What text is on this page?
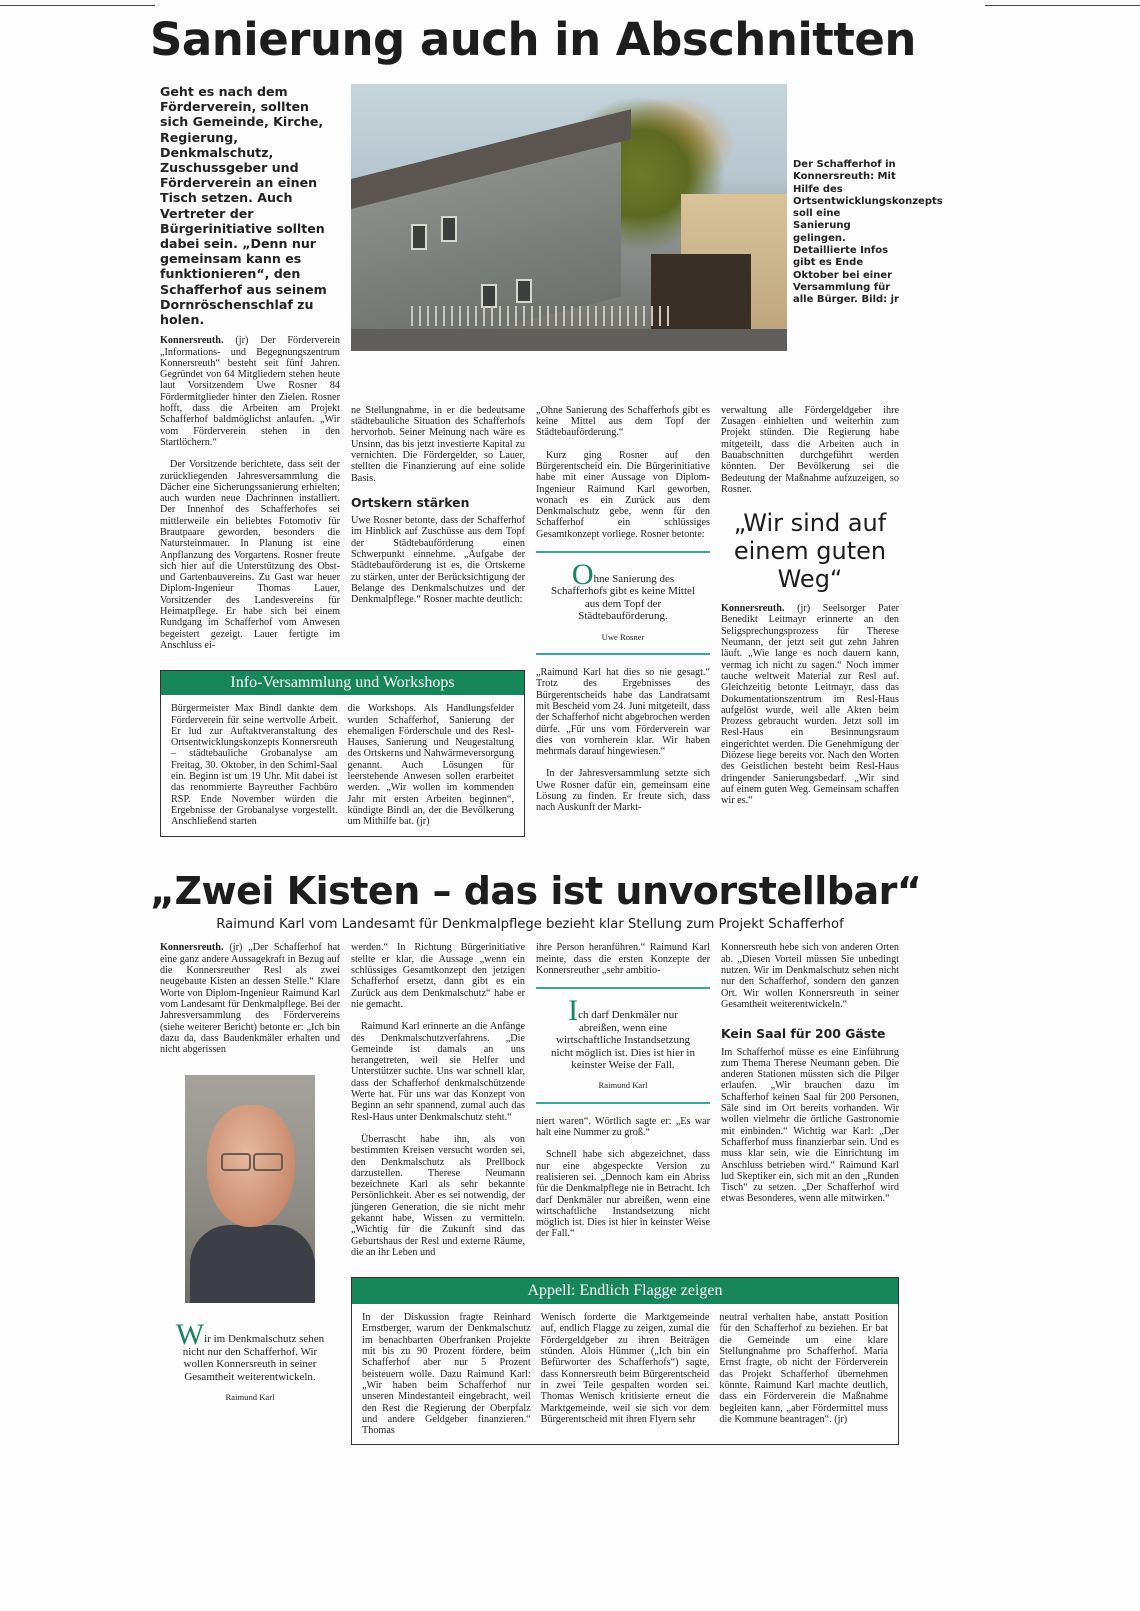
Sanierung auch in Abschnitten
Geht es nach dem Förderverein, sollten sich Gemeinde, Kirche, Regierung, Denkmalschutz, Zuschussgeber und Förderverein an einen Tisch setzen. Auch Vertreter der Bürgerinitiative sollten dabei sein. „Denn nur gemeinsam kann es funktionieren“, den Schafferhof aus seinem Dornröschenschlaf zu holen.

Konnersreuth. (jr) Der Förderverein „Informations- und Begegnungszentrum Konnersreuth“ besteht seit fünf Jahren. Gegründet von 64 Mitgliedern stehen heute laut Vorsitzendem Uwe Rosner 84 Fördermitglieder hinter den Zielen. Rosner hofft, dass die Arbeiten am Projekt Schafferhof baldmöglichst anlaufen. „Wir vom Förderverein stehen in den Startlöchern.“

Der Vorsitzende berichtete, dass seit der zurückliegenden Jahresversammlung die Dächer eine Sicherungssanierung erhielten; auch wurden neue Dachrinnen installiert. Der Innenhof des Schafferhofes sei mittlerweile ein beliebtes Fotomotiv für Brautpaare geworden, besonders die Natursteinmauer. In Planung ist eine Anpflanzung des Vorgartens. Rosner freute sich hier auf die Unterstützung des Obst- und Gartenbauvereins. Zu Gast war heuer Diplom-Ingenieur Thomas Lauer, Vorsitzender des Landesvereins für Heimatpflege. Er habe sich bei einem Rundgang im Schafferhof vom Anwesen begeistert gezeigt. Lauer fertigte im Anschluss ei-

Der Schafferhof in Konnersreuth: Mit Hilfe des Ortsentwicklungskonzepts soll eine Sanierung gelingen. Detaillierte Infos gibt es Ende Oktober bei einer Versammlung für alle Bürger. Bild: jr

ne Stellungnahme, in er die bedeutsame städtebauliche Situation des Schafferhofs hervorhob. Seiner Meinung nach wäre es Unsinn, das bis jetzt investierte Kapital zu vernichten. Die Fördergelder, so Lauer, stellten die Finanzierung auf eine solide Basis.

Ortskern stärken

Uwe Rosner betonte, dass der Schafferhof im Hinblick auf Zuschüsse aus dem Topf der Städtebauförderung einen Schwerpunkt einnehme. „Aufgabe der Städtebauförderung ist es, die Ortskerne zu stärken, unter der Berücksichtigung der Belange des Denkmalschutzes und der Denkmalpflege.“ Rosner machte deutlich:

„Ohne Sanierung des Schafferhofs gibt es keine Mittel aus dem Topf der Städtebauförderung.“

Kurz ging Rosner auf den Bürgerentscheid ein. Die Bürgerinitiative habe mit einer Aussage von Diplom-Ingenieur Raimund Karl geworben, wonach es ein Zurück aus dem Denkmalschutz gebe, wenn für den Schafferhof ein schlüssiges Gesamtkonzept vorliege. Rosner betonte:

Ohne Sanierung des Schafferhofs gibt es keine Mittel aus dem Topf der Städtebauförderung.
Uwe Rosner

„Raimund Karl hat dies so nie gesagt.“ Trotz des Ergebnisses des Bürgerentscheids habe das Landratsamt mit Bescheid vom 24. Juni mitgeteilt, dass der Schafferhof nicht abgebrochen werden dürfe. „Für uns vom Förderverein war dies von vornherein klar. Wir haben mehrmals darauf hingewiesen.“

In der Jahresversammlung setzte sich Uwe Rosner dafür ein, gemeinsam eine Lösung zu finden. Er freute sich, dass nach Auskunft der Markt-

verwaltung alle Fördergeldgeber ihre Zusagen einhielten und weiterhin zum Projekt stünden. Die Regierung habe mitgeteilt, dass die Arbeiten auch in Bauabschnitten durchgeführt werden könnten. Der Bevölkerung sei die Bedeutung der Maßnahme aufzuzeigen, so Rosner.

„Wir sind auf einem guten Weg“

Konnersreuth. (jr) Seelsorger Pater Benedikt Leitmayr erinnerte an den Seligsprechungsprozess für Therese Neumann, der jetzt seit gut zehn Jahren läuft. „Wie lange es noch dauern kann, vermag ich nicht zu sagen.“ Noch immer tauche weltweit Material zur Resl auf. Gleichzeitig betonte Leitmayr, dass das Dokumentationszentrum im Resl-Haus aufgelöst wurde, weil alle Akten beim Prozess gebraucht wurden. Jetzt soll im Resl-Haus ein Besinnungsraum eingerichtet werden. Die Genehmigung der Diözese liege bereits vor. Nach den Worten des Geistlichen besteht beim Resl-Haus dringender Sanierungsbedarf. „Wir sind auf einem guten Weg. Gemeinsam schaffen wir es.“

Info-Versammlung und Workshops
Bürgermeister Max Bindl dankte dem Förderverein für seine wertvolle Arbeit. Er lud zur Auftaktveranstaltung des Ortsentwicklungskonzepts Konnersreuth – städtebauliche Grobanalyse am Freitag, 30. Oktober, in den Schiml-Saal ein. Beginn ist um 19 Uhr. Mit dabei ist das renommierte Bayreuther Fachbüro RSP. Ende November würden die Ergebnisse der Grobanalyse vorgestellt. Anschließend starten
die Workshops. Als Handlungsfelder wurden Schafferhof, Sanierung der ehemaligen Förderschule und des Resl-Hauses, Sanierung und Neugestaltung des Ortskerns und Nahwärmeversorgung genannt. Auch Lösungen für leerstehende Anwesen sollen erarbeitet werden. „Wir wollen im kommenden Jahr mit ersten Arbeiten beginnen“, kündigte Bindl an, der die Bevölkerung um Mithilfe bat. (jr)
„Zwei Kisten – das ist unvorstellbar“
Raimund Karl vom Landesamt für Denkmalpflege bezieht klar Stellung zum Projekt Schafferhof

Konnersreuth. (jr) „Der Schafferhof hat eine ganz andere Aussagekraft in Bezug auf die Konnersreuther Resl als zwei neugebaute Kisten an dessen Stelle.“ Klare Worte von Diplom-Ingenieur Raimund Karl vom Landesamt für Denkmalpflege. Bei der Jahresversammlung des Fördervereins (siehe weiterer Bericht) betonte er: „Ich bin dazu da, dass Baudenkmäler erhalten und nicht abgerissen

Wir im Denkmalschutz sehen nicht nur den Schafferhof. Wir wollen Konnersreuth in seiner Gesamtheit weiterentwickeln.
Raimund Karl

werden.“ In Richtung Bürgerinitiative stellte er klar, die Aussage „wenn ein schlüssiges Gesamtkonzept den jetzigen Schafferhof ersetzt, dann gibt es ein Zurück aus dem Denkmalschutz“ habe er nie gemacht.

Raimund Karl erinnerte an die Anfänge des Denkmalschutzverfahrens. „Die Gemeinde ist damals an uns herangetreten, weil sie Helfer und Unterstützer suchte. Uns war schnell klar, dass der Schafferhof denkmalschützende Werte hat. Für uns war das Konzept von Beginn an sehr spannend, zumal auch das Resl-Haus unter Denkmalschutz steht.“

Überrascht habe ihn, als von bestimmten Kreisen versucht worden sei, den Denkmalschutz als Prellbock darzustellen. Therese Neumann bezeichnete Karl als sehr bekannte Persönlichkeit. Aber es sei notwendig, der jüngeren Generation, die sie nicht mehr gekannt habe, Wissen zu vermitteln. „Wichtig für die Zukunft sind das Geburtshaus der Resl und externe Räume, die an ihr Leben und

ihre Person heranführen.“ Raimund Karl meinte, dass die ersten Konzepte der Konnersreuther „sehr ambitio-

Ich darf Denkmäler nur abreißen, wenn eine wirtschaftliche Instandsetzung nicht möglich ist. Dies ist hier in keinster Weise der Fall.
Raimund Karl

niert waren“. Wörtlich sagte er: „Es war halt eine Nummer zu groß.“

Schnell habe sich abgezeichnet, dass nur eine abgespeckte Version zu realisieren sei. „Dennoch kam ein Abriss für die Denkmalpflege nie in Betracht. Ich darf Denkmäler nur abreißen, wenn eine wirtschaftliche Instandsetzung nicht möglich ist. Dies ist hier in keinster Weise der Fall.“

Konnersreuth hebe sich von anderen Orten ab. „Diesen Vorteil müssen Sie unbedingt nutzen. Wir im Denkmalschutz sehen nicht nur den Schafferhof, sondern den ganzen Ort. Wir wollen Konnersreuth in seiner Gesamtheit weiterentwickeln.“

Kein Saal für 200 Gäste

Im Schafferhof müsse es eine Einführung zum Thema Therese Neumann geben. Die anderen Stationen müssten sich die Pilger erlaufen. „Wir brauchen dazu im Schafferhof keinen Saal für 200 Personen, Säle sind im Ort bereits vorhanden. Wir wollen vielmehr die örtliche Gastronomie mit einbinden.“ Wichtig war Karl: „Der Schafferhof muss finanzierbar sein. Und es muss klar sein, wie die Einrichtung im Anschluss betrieben wird.“ Raimund Karl lud Skeptiker ein, sich mit an den „Runden Tisch“ zu setzen. „Der Schafferhof wird etwas Besonderes, wenn alle mitwirken.“

Appell: Endlich Flagge zeigen
In der Diskussion fragte Reinhard Ernstberger, warum der Denkmalschutz im benachbarten Oberfranken Projekte mit bis zu 90 Prozent fördere, beim Schafferhof aber nur 5 Prozent beisteuern wolle. Dazu Raimund Karl: „Wir haben beim Schafferhof nur unseren Mindestanteil eingebracht, weil den Rest die Regierung der Oberpfalz und andere Geldgeber finanzieren.“ Thomas
Wenisch forderte die Marktgemeinde auf, endlich Flagge zu zeigen, zumal die Fördergeldgeber zu ihren Beiträgen stünden. Alois Hümmer („Ich bin ein Befürworter des Schafferhofs“) sagte, dass Konnersreuth beim Bürgerentscheid in zwei Teile gespalten worden sei. Thomas Wenisch kritisierte erneut die Marktgemeinde, weil sie sich vor dem Bürgerentscheid mit ihren Flyern sehr
neutral verhalten habe, anstatt Position für den Schafferhof zu beziehen. Er bat die Gemeinde um eine klare Stellungnahme pro Schafferhof. Maria Ernst fragte, ob nicht der Förderverein das Projekt Schafferhof übernehmen könnte. Raimund Karl machte deutlich, dass ein Förderverein die Maßnahme begleiten kann, „aber Fördermittel muss die Kommune beantragen“. (jr)
